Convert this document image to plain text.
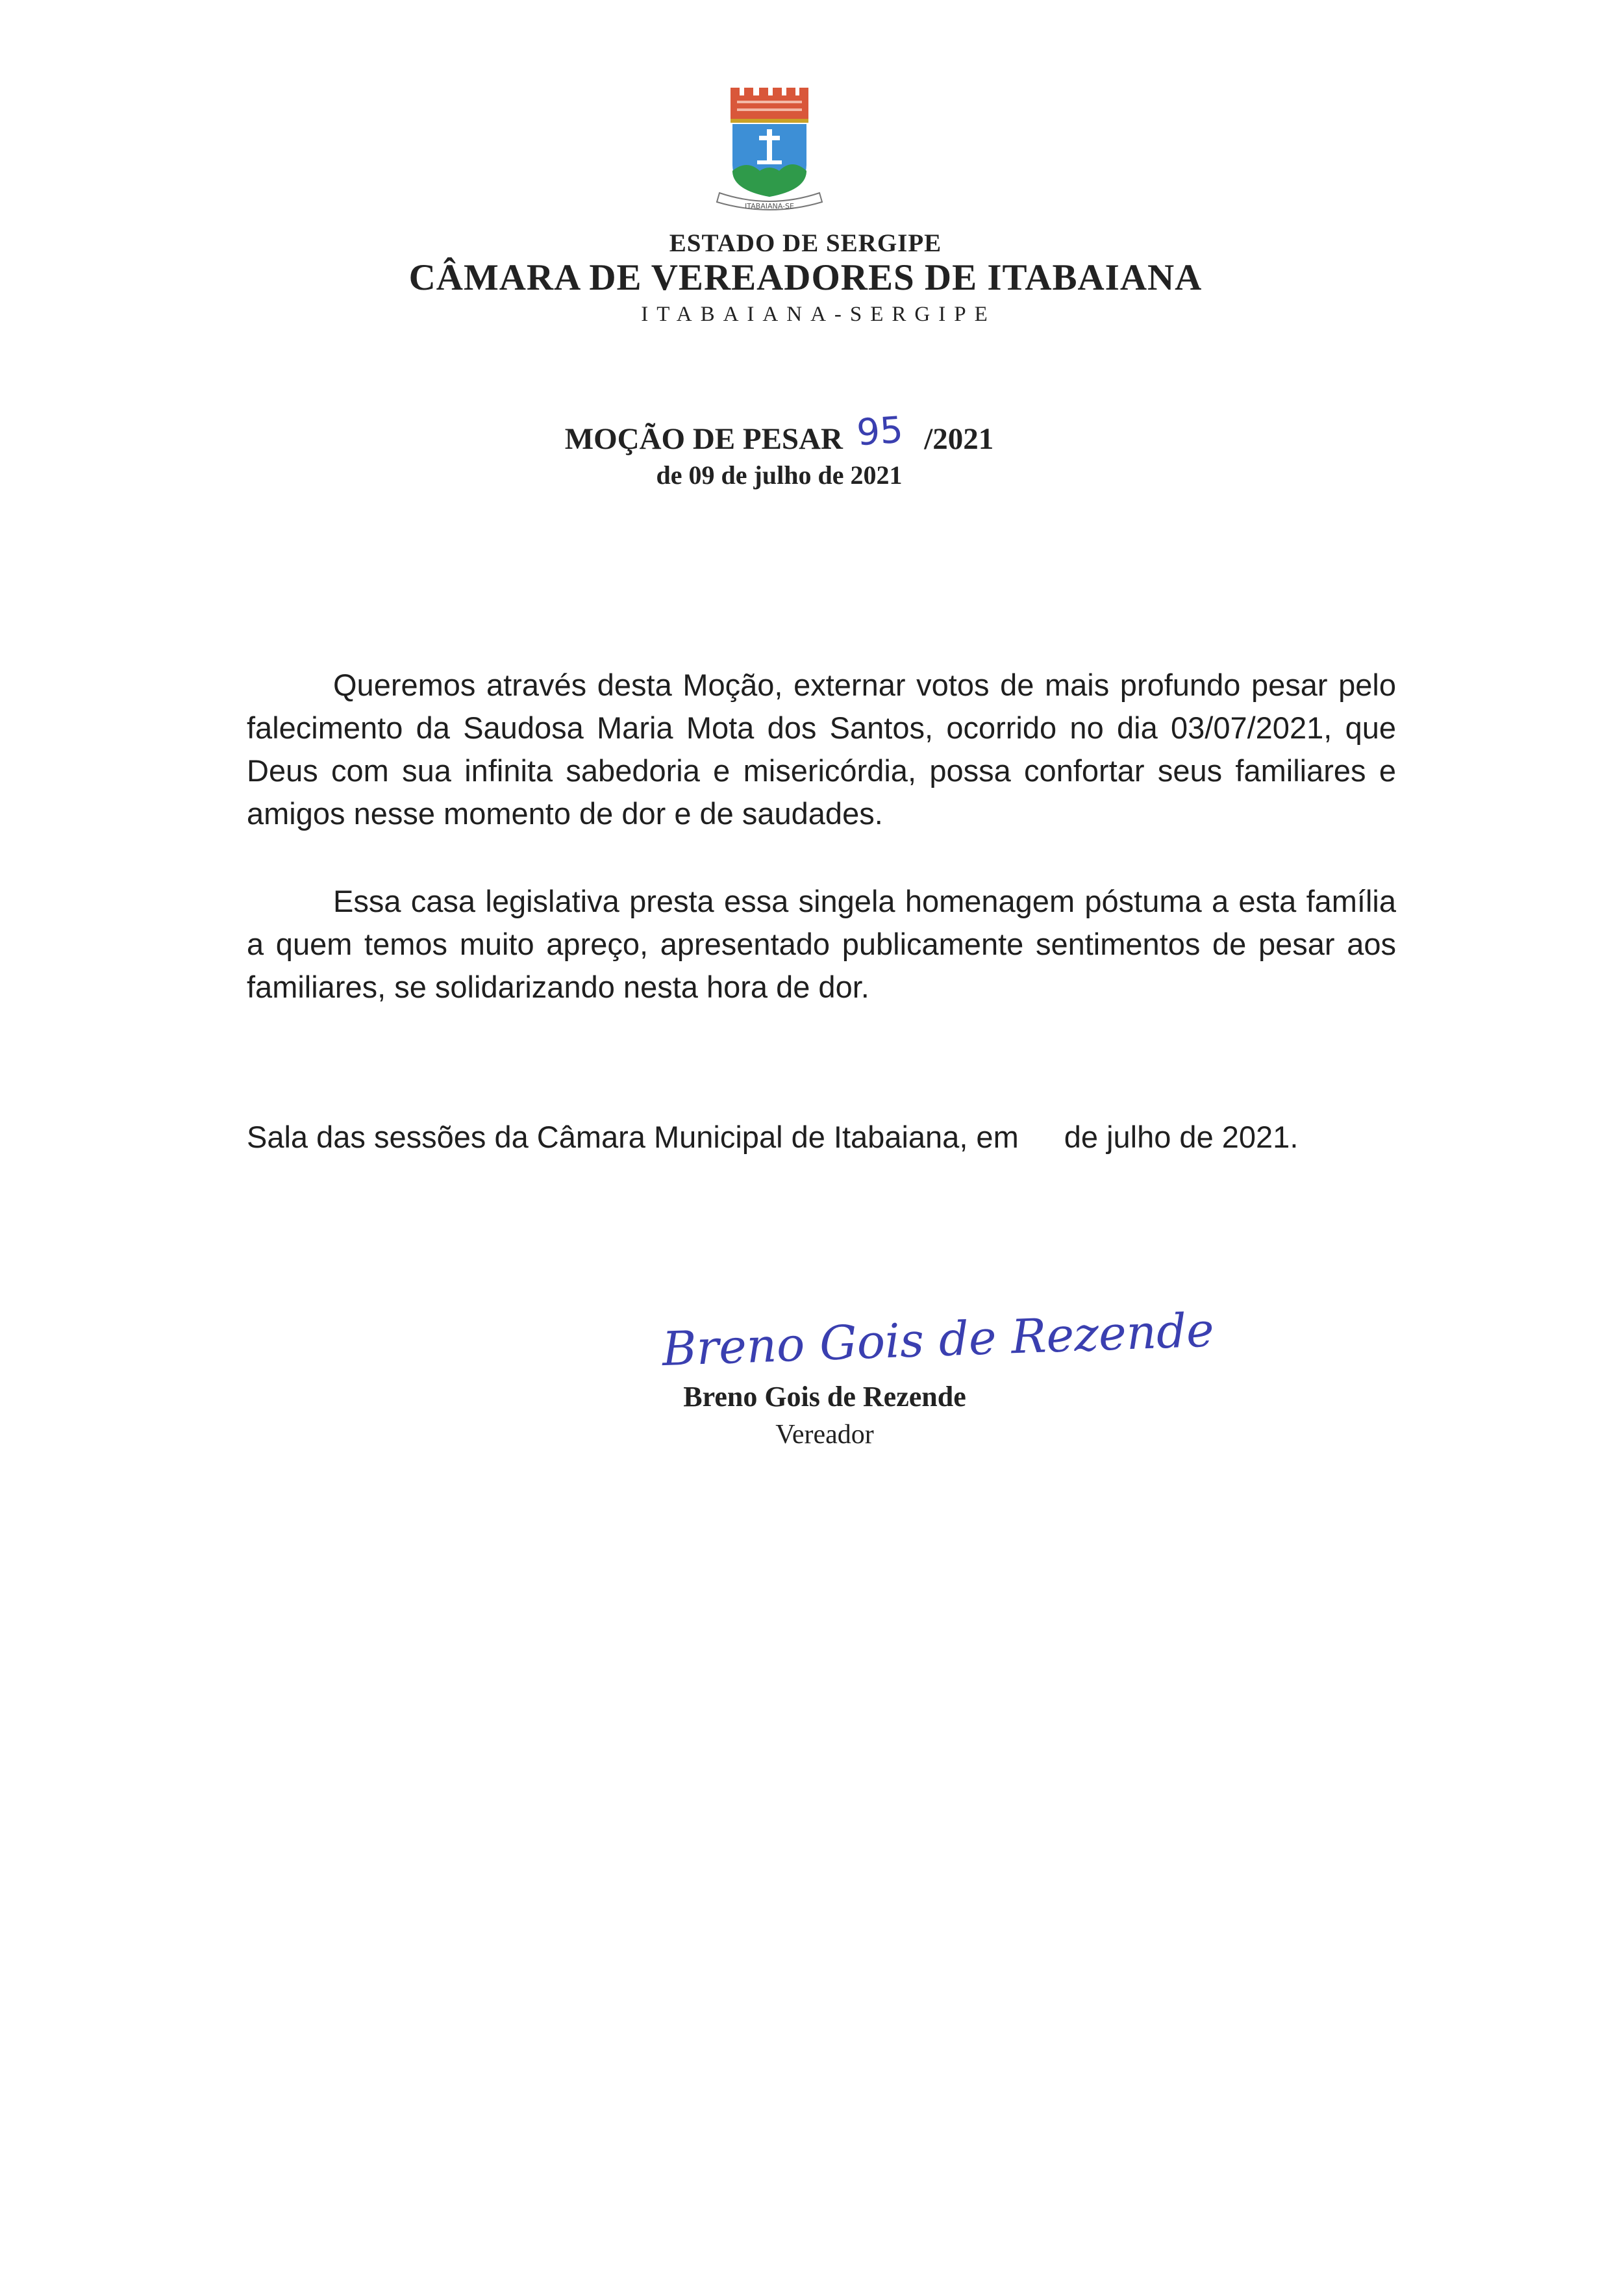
ITABAIANA-SE
ESTADO DE SERGIPE
CÂMARA DE VEREADORES DE ITABAIANA
ITABAIANA-SERGIPE
MOÇÃO DE PESAR 95 /2021
de 09 de julho de 2021

Queremos através desta Moção, externar votos de mais profundo pesar pelo falecimento da Saudosa Maria Mota dos Santos, ocorrido no dia 03/07/2021, que Deus com sua infinita sabedoria e misericórdia, possa confortar seus familiares e amigos nesse momento de dor e de saudades.

Essa casa legislativa presta essa singela homenagem póstuma a esta família a quem temos muito apreço, apresentado publicamente sentimentos de pesar aos familiares, se solidarizando nesta hora de dor.

Sala das sessões da Câmara Municipal de Itabaiana, em de julho de 2021.
Breno Gois de Rezende
Breno Gois de Rezende
Vereador
